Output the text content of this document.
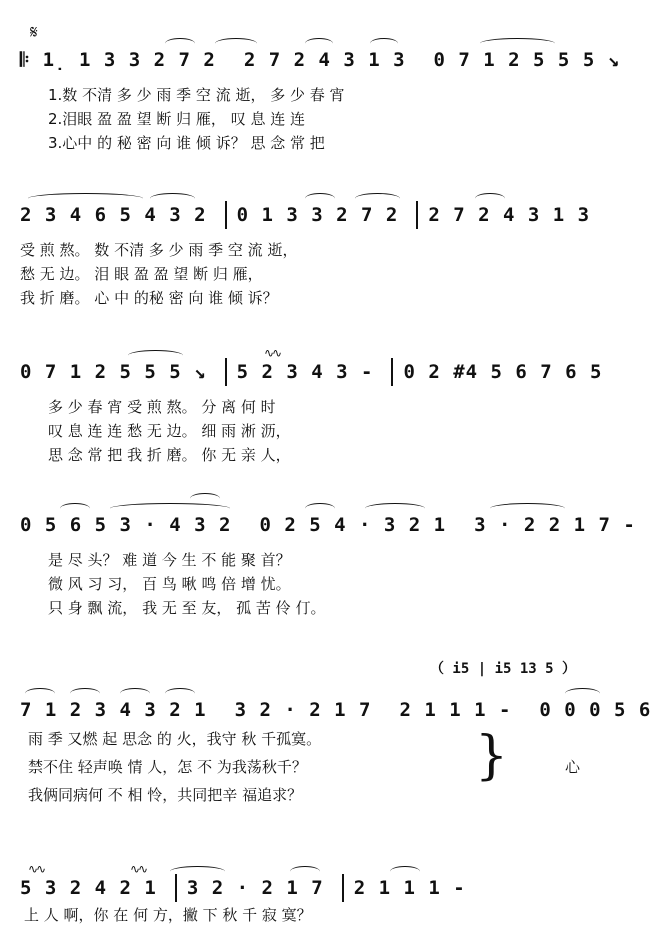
𝄋
𝄆 1̣ 1 3 3 2 7 2 2 7 2 4 3 1 3 0 7 1 2 5 5 5 ↘
1.数 不清 多 少 雨 季 空 流 逝， 多 少 春 宵
2.泪眼 盈 盈 望 断 归 雁， 叹 息 连 连
3.心中 的 秘 密 向 谁 倾 诉？ 思 念 常 把
2 3 4 6 5 4 3 2 0 1 3 3 2 7 2 2 7 2 4 3 1 3
受 煎 熬。 数 不清 多 少 雨 季 空 流 逝，
愁 无 边。 泪 眼 盈 盈 望 断 归 雁，
我 折 磨。 心 中 的秘 密 向 谁 倾 诉？
∿∿
0 7 1 2 5 5 5 ↘ 5 2 3 4 3 - 0 2 #4 5 6 7 6 5
多 少 春 宵 受 煎 熬。 分 离 何 时
叹 息 连 连 愁 无 边。 细 雨 淅 沥，
思 念 常 把 我 折 磨。 你 无 亲 人，
0 5 6 5 3 · 4 3 2 0 2 5 4 · 3 2 1 3 · 2 2 1 7 -
是 尽 头？ 难 道 今 生 不 能 聚 首？
微 风 习 习， 百 鸟 啾 鸣 倍 增 忧。
只 身 飘 流， 我 无 至 友， 孤 苦 伶 仃。
（ i5 | i5 13 5 ）
7 1 2 3 4 3 2 1 3 2 · 2 1 7 2 1 1 1 - 0 0 0 5 6
雨 季 又燃 起 思念 的 火，我守 秋 千孤寞。
禁不住 轻声唤 情 人，怎 不 为我荡秋千？
我俩同病何 不 相 怜，共同把辛 福追求？
}	心
∿∿	∿∿
5 3 2 4 2 1 3 2 · 2 1 7 2 1 1 1 -
上 人 啊，你 在 何 方，撇 下 秋 千 寂 寞？
